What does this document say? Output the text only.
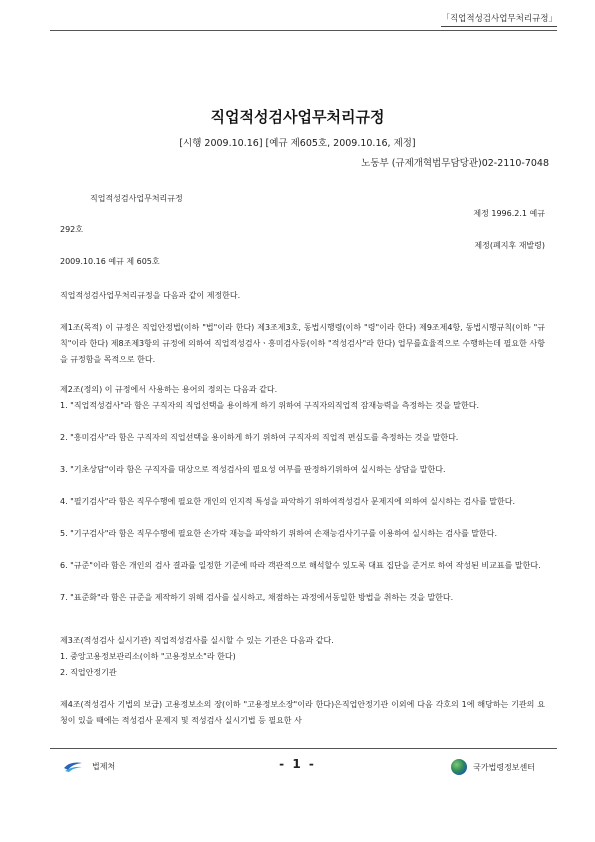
「직업적성검사업무처리규정」
직업적성검사업무처리규정
[시행 2009.10.16] [예규 제605호, 2009.10.16, 제정]
노동부 (규제개혁법무담당관)02-2110-7048
직업적성검사업무처리규정
제정 1996.2.1 예규
292호
제정(폐지후 재발령)
2009.10.16 예규 제 605호
직업적성검사업무처리규정을 다음과 같이 제정한다.
제1조(목적) 이 규정은 직업안정법(이하 "법"이라 한다) 제3조제3호, 동법시행령(이하 "령"이라 한다) 제9조제4항, 동법시행규칙(이하 "규칙"이라 한다) 제8조제3항의 규정에 의하여 직업적성검사ㆍ흥미검사등(이하 "적성검사"라 한다) 업무를효율적으로 수행하는데 필요한 사항을 규정함을 목적으로 한다.
제2조(정의) 이 규정에서 사용하는 용어의 정의는 다음과 같다.
1. "직업적성검사"라 함은 구직자의 직업선택을 용이하게 하기 위하여 구직자의직업적 잠재능력을 측정하는 것을 말한다.
2. "흥미검사"라 함은 구직자의 직업선택을 용이하게 하기 위하여 구직자의 직업적 편심도를 측정하는 것을 말한다.
3. "기초상담"이라 함은 구직자를 대상으로 적성검사의 필요성 여부를 판정하기위하여 실시하는 상담을 말한다.
4. "필기검사"라 함은 직무수행에 필요한 개인의 인지적 특성을 파악하기 위하여적성검사 문제지에 의하여 실시하는 검사를 말한다.
5. "기구검사"라 함은 직무수행에 필요한 손가락 재능을 파악하기 위하여 손재능검사기구를 이용하여 실시하는 검사를 말한다.
6. "규준"이라 함은 개인의 검사 결과를 일정한 기준에 따라 객관적으로 해석할수 있도록 대표 집단을 준거로 하여 작성된 비교표를 말한다.
7. "표준화"라 함은 규준을 제작하기 위해 검사를 실시하고, 채점하는 과정에서동일한 방법을 취하는 것을 말한다.
제3조(적성검사 실시기관) 직업적성검사를 실시할 수 있는 기관은 다음과 같다.
1. 중앙고용정보관리소(이하 "고용정보소"라 한다)
2. 직업안정기관
제4조(적성검사 기법의 보급) 고용정보소의 장(이하 "고용정보소장"이라 한다)은직업안정기관 이외에 다음 각호의 1에 해당하는 기관의 요청이 있을 때에는 적성검사 문제지 및 적성검사 실시기법 등 필요한 사
법제처	- 1 -	국가법령정보센터
